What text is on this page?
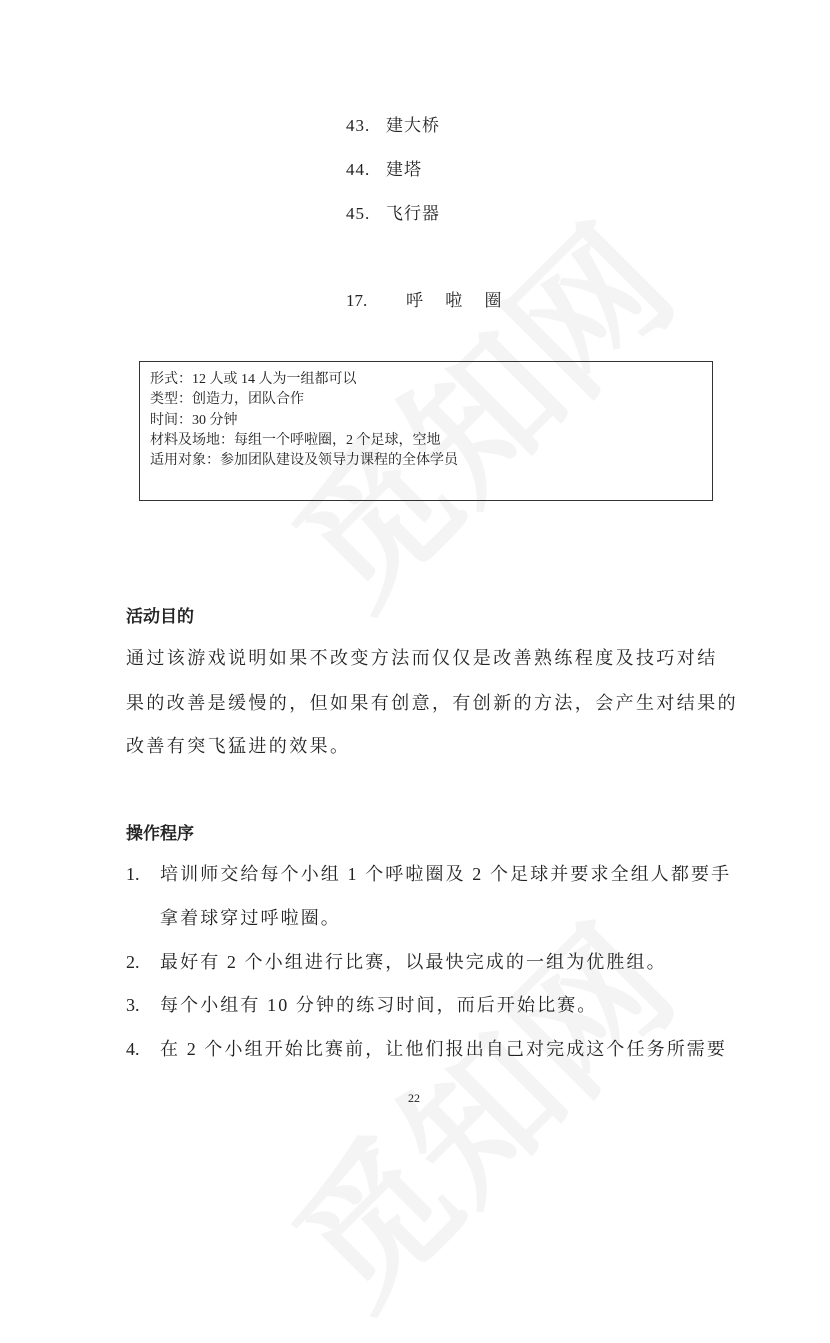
43. 建大桥
44. 建塔
45. 飞行器
17. 呼 啦 圈
形式：12 人或 14 人为一组都可以
类型：创造力，团队合作
时间：30 分钟
材料及场地：每组一个呼啦圈，2 个足球，空地
适用对象：参加团队建设及领导力课程的全体学员
活动目的
通过该游戏说明如果不改变方法而仅仅是改善熟练程度及技巧对结
果的改善是缓慢的，但如果有创意，有创新的方法，会产生对结果的
改善有突飞猛进的效果。
操作程序
1. 培训师交给每个小组 1 个呼啦圈及 2 个足球并要求全组人都要手
拿着球穿过呼啦圈。
2. 最好有 2 个小组进行比赛，以最快完成的一组为优胜组。
3. 每个小组有 10 分钟的练习时间，而后开始比赛。
4. 在 2 个小组开始比赛前，让他们报出自己对完成这个任务所需要
22
